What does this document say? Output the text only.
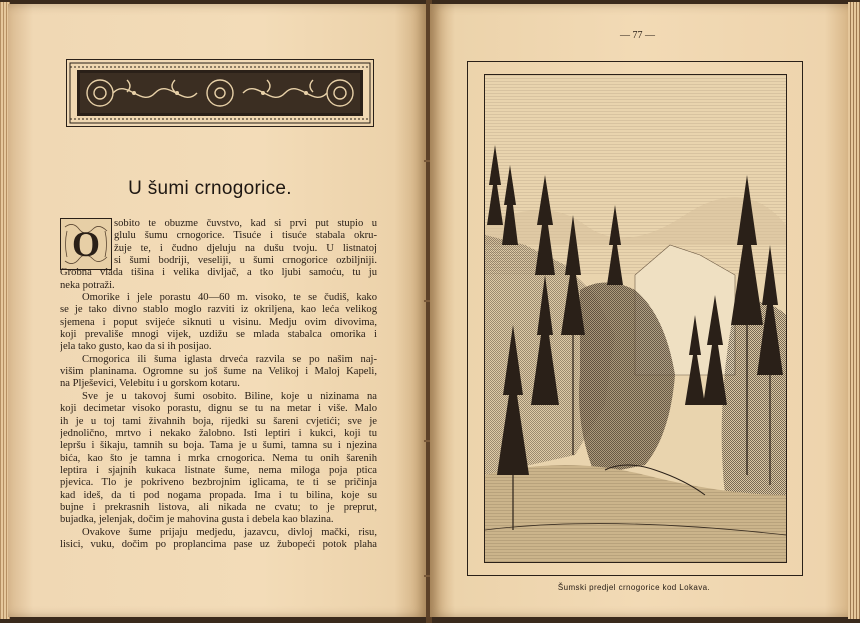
U šumi crnogorice.
O
sobito te obuzme čuvstvo, kad si prvi put stupio u
glulu šumu crnogorice. Tisuće i tisuće stabala okru-
žuje te, i čudno djeluju na dušu tvoju. U listnatoj
si šumi bodriji, veseliji, u šumi crnogorice ozbiljniji.
Grobna vlada tišina i velika divljač, a tko ljubi samoću, tu ju
neka potraži.
Omorike i jele porastu 40—60 m. visoko, te se čudiš, kako
se je tako divno stablo moglo razviti iz okriljena, kao leća velikog
sjemena i poput svijeće siknuti u visinu. Medju ovim divovima,
koji prevališe mnogi vijek, uzdižu se mlada stabalca omorika i
jela tako gusto, kao da si ih posijao.
Crnogorica ili šuma iglasta drveća razvila se po našim naj-
višim planinama. Ogromne su još šume na Velikoj i Maloj Kapeli,
na Plješevici, Velebitu i u gorskom kotaru.
Sve je u takovoj šumi osobito. Biline, koje u nizinama na
koji decimetar visoko porastu, dignu se tu na metar i više. Malo
ih je u toj tami živahnih boja, rijedki su šareni cvjetići; sve je
jednolično, mrtvo i nekako žalobno. Isti leptiri i kukci, koji tu
lepršu i šikaju, tamnih su boja. Tama je u šumi, tamna su i njezina
bića, kao što je tamna i mrka crnogorica. Nema tu onih šarenih
leptira i sjajnih kukaca listnate šume, nema miloga poja ptica
pjevica. Tlo je pokriveno bezbrojnim iglicama, te ti se pričinja
kad ideš, da ti pod nogama propada. Ima i tu bilina, koje su
bujne i prekrasnih listova, ali nikada ne cvatu; to je preprut,
bujadka, jelenjak, dočim je mahovina gusta i debela kao blazina.
Ovakove šume prijaju medjedu, jazavcu, divloj mački, risu,
lisici, vuku, dočim po proplancima pase uz žubореći potok plaha
— 77 —
Šumski predjel crnogorice kod Lokava.
